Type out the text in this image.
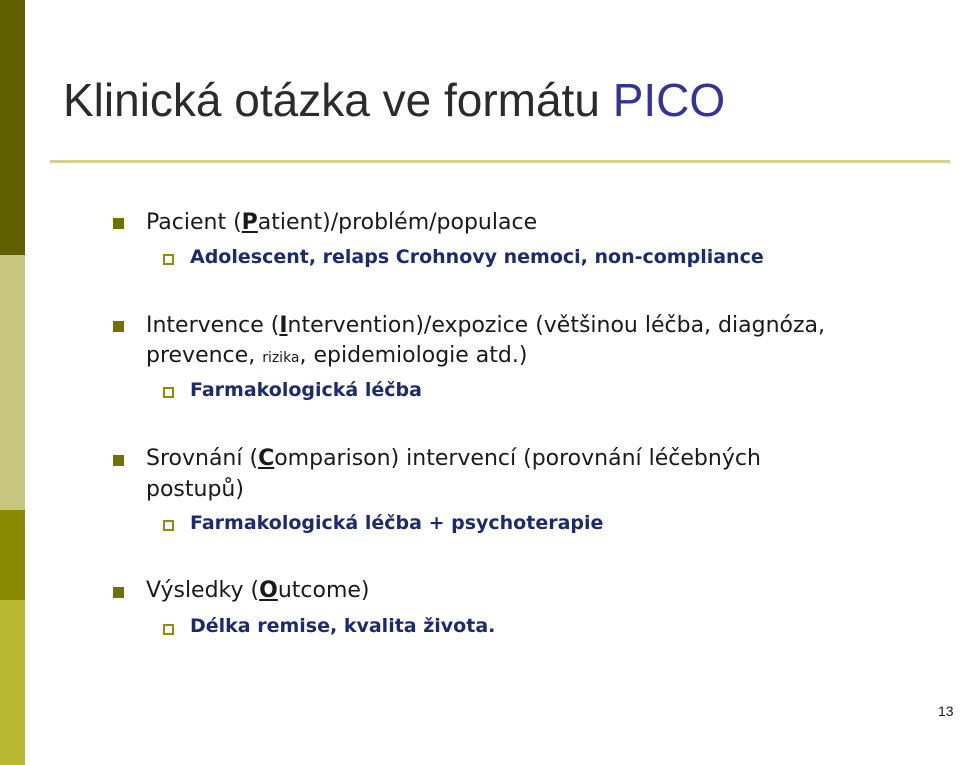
Klinická otázka ve formátu PICO
Pacient (Patient)/problém/populace
Adolescent, relaps Crohnovy nemoci, non-compliance
Intervence (Intervention)/expozice (většinou léčba, diagnóza,
prevence, rizika, epidemiologie atd.)
Farmakologická léčba
Srovnání (Comparison) intervencí (porovnání léčebných
postupů)
Farmakologická léčba + psychoterapie
Výsledky (Outcome)
Délka remise, kvalita života.
13
